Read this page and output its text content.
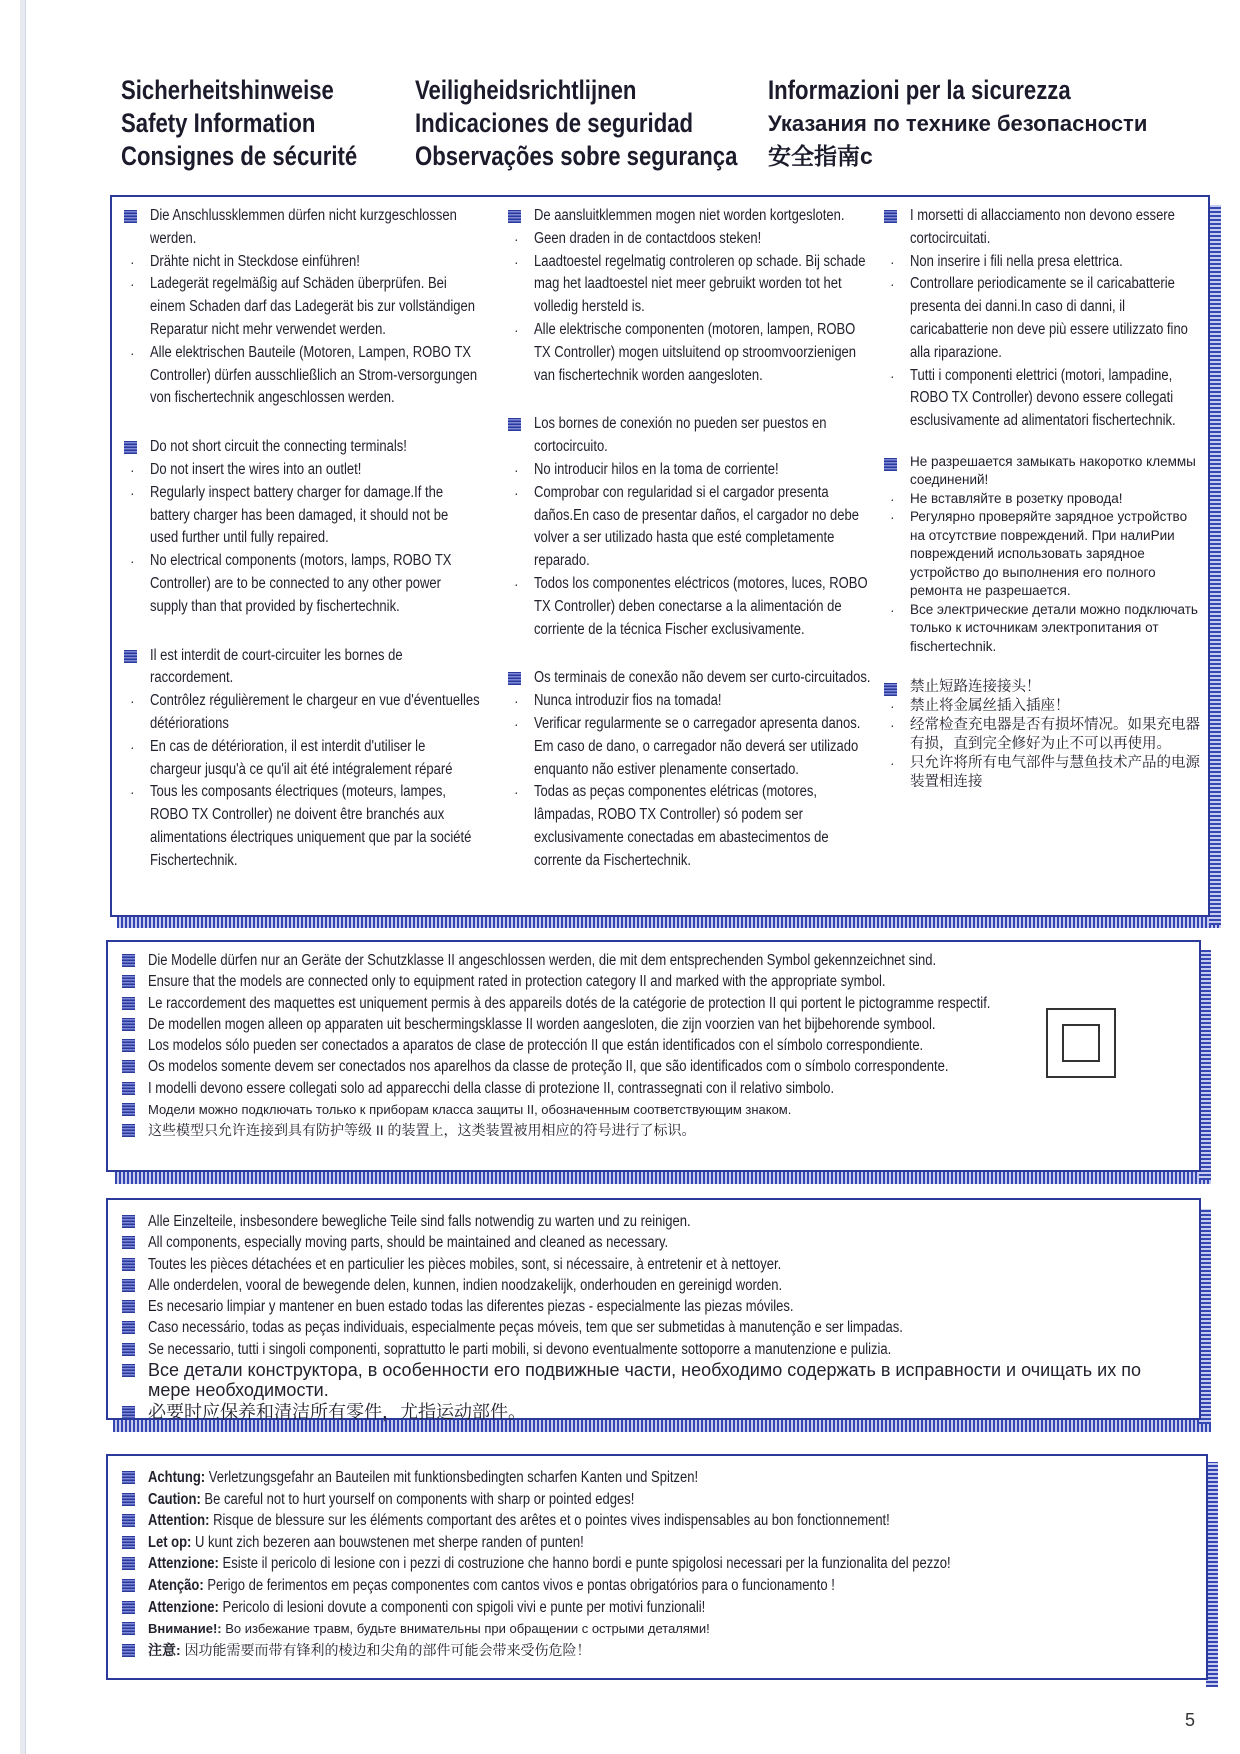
Sicherheitshinweise
Safety Information
Consignes de sécurité
Veiligheidsrichtlijnen
Indicaciones de seguridad
Observações sobre segurança
Informazioni per la sicurezza
Указания по технике безопасности
安全指南c
Die Anschlussklemmen dürfen nicht kurzgeschlossen werden.
· Drähte nicht in Steckdose einführen!
· Ladegerät regelmäßig auf Schäden überprüfen. Bei einem Schaden darf das Ladegerät bis zur vollständigen Reparatur nicht mehr verwendet werden.
· Alle elektrischen Bauteile (Motoren, Lampen, ROBO TX Controller) dürfen ausschließlich an Strom-versorgungen von fischertechnik angeschlossen werden.
Do not short circuit the connecting terminals!
· Do not insert the wires into an outlet!
· Regularly inspect battery charger for damage.If the battery charger has been damaged, it should not be used further until fully repaired.
· No electrical components (motors, lamps, ROBO TX Controller) are to be connected to any other power supply than that provided by fischertechnik.
Il est interdit de court-circuiter les bornes de raccordement.
· Contrôlez régulièrement le chargeur en vue d'éventuelles détériorations
· En cas de détérioration, il est interdit d'utiliser le chargeur jusqu'à ce qu'il ait été intégralement réparé
· Tous les composants électriques (moteurs, lampes, ROBO TX Controller) ne doivent être branchés aux alimentations électriques uniquement que par la société Fischertechnik.
De aansluitklemmen mogen niet worden kortgesloten.
· Geen draden in de contactdoos steken!
· Laadtoestel regelmatig controleren op schade. Bij schade mag het laadtoestel niet meer gebruikt worden tot het volledig hersteld is.
· Alle elektrische componenten (motoren, lampen, ROBO TX Controller) mogen uitsluitend op stroomvoorzienigen van fischertechnik worden aangesloten.
Los bornes de conexión no pueden ser puestos en cortocircuito.
· No introducir hilos en la toma de corriente!
· Comprobar con regularidad si el cargador presenta daños.En caso de presentar daños, el cargador no debe volver a ser utilizado hasta que esté completamente reparado.
· Todos los componentes eléctricos (motores, luces, ROBO TX Controller) deben conectarse a la alimentación de corriente de la técnica Fischer exclusivamente.
Os terminais de conexão não devem ser curto-circuitados.
· Nunca introduzir fios na tomada!
· Verificar regularmente se o carregador apresenta danos. Em caso de dano, o carregador não deverá ser utilizado enquanto não estiver plenamente consertado.
· Todas as peças componentes elétricas (motores, lâmpadas, ROBO TX Controller) só podem ser exclusivamente conectadas em abastecimentos de corrente da Fischertechnik.
I morsetti di allacciamento non devono essere cortocircuitati.
· Non inserire i fili nella presa elettrica.
· Controllare periodicamente se il caricabatterie presenta dei danni.In caso di danni, il caricabatterie non deve più essere utilizzato fino alla riparazione.
· Tutti i componenti elettrici (motori, lampadine, ROBO TX Controller) devono essere collegati esclusivamente ad alimentatori fischertechnik.
Не разрешается замыкать накоротко клеммы соединений!
· Не вставляйте в розетку провода!
· Регулярно проверяйте зарядное устройство на отсутствие повреждений. При налиРии повреждений использовать зарядное устройство до выполнения его полного ремонта не разрешается.
· Все электрические детали можно подключать только к источникам электропитания от fischertechnik.
禁止短路连接接头！
· 禁止将金属丝插入插座！
· 经常检查充电器是否有损坏情况。如果充电器有损，直到完全修好为止不可以再使用。
· 只允许将所有电气部件与慧鱼技术产品的电源装置相连接
Die Modelle dürfen nur an Geräte der Schutzklasse II angeschlossen werden, die mit dem entsprechenden Symbol gekennzeichnet sind.
Ensure that the models are connected only to equipment rated in protection category II and marked with the appropriate symbol.
Le raccordement des maquettes est uniquement permis à des appareils dotés de la catégorie de protection II qui portent le pictogramme respectif.
De modellen mogen alleen op apparaten uit beschermingsklasse II worden aangesloten, die zijn voorzien van het bijbehorende symbool.
Los modelos sólo pueden ser conectados a aparatos de clase de protección II que están identificados con el símbolo correspondiente.
Os modelos somente devem ser conectados nos aparelhos da classe de proteção II, que são identificados com o símbolo correspondente.
I modelli devono essere collegati solo ad apparecchi della classe di protezione II, contrassegnati con il relativo simbolo.
Модели можно подключать только к приборам класса защиты II, обозначенным соответствующим знаком.
这些模型只允许连接到具有防护等级 II 的装置上，这类装置被用相应的符号进行了标识。
Alle Einzelteile, insbesondere bewegliche Teile sind falls notwendig zu warten und zu reinigen.
All components, especially moving parts, should be maintained and cleaned as necessary.
Toutes les pièces détachées et en particulier les pièces mobiles, sont, si nécessaire, à entretenir et à nettoyer.
Alle onderdelen, vooral de bewegende delen, kunnen, indien noodzakelijk, onderhouden en gereinigd worden.
Es necesario limpiar y mantener en buen estado todas las diferentes piezas - especialmente las piezas móviles.
Caso necessário, todas as peças individuais, especialmente peças móveis, tem que ser submetidas à manutenção e ser limpadas.
Se necessario, tutti i singoli componenti, soprattutto le parti mobili, si devono eventualmente sottoporre a manutenzione e pulizia.
Все детали конструктора, в особенности его подвижные части, необходимо содержать в исправности и очищать их по мере необходимости.
必要时应保养和清洁所有零件，尤指运动部件。
Achtung: Verletzungsgefahr an Bauteilen mit funktionsbedingten scharfen Kanten und Spitzen!
Caution: Be careful not to hurt yourself on components with sharp or pointed edges!
Attention: Risque de blessure sur les éléments comportant des arêtes et o pointes vives indispensables au bon fonctionnement!
Let op: U kunt zich bezeren aan bouwstenen met sherpe randen of punten!
Attenzione: Esiste il pericolo di lesione con i pezzi di costruzione che hanno bordi e punte spigolosi necessari per la funzionalita del pezzo!
Atenção: Perigo de ferimentos em peças componentes com cantos vivos e pontas obrigatórios para o funcionamento !
Attenzione: Pericolo di lesioni dovute a componenti con spigoli vivi e punte per motivi funzionali!
Внимание!: Во избежание травм, будьте внимательны при обращении с острыми деталями!
注意: 因功能需要而带有锋利的棱边和尖角的部件可能会带来受伤危险！
5
